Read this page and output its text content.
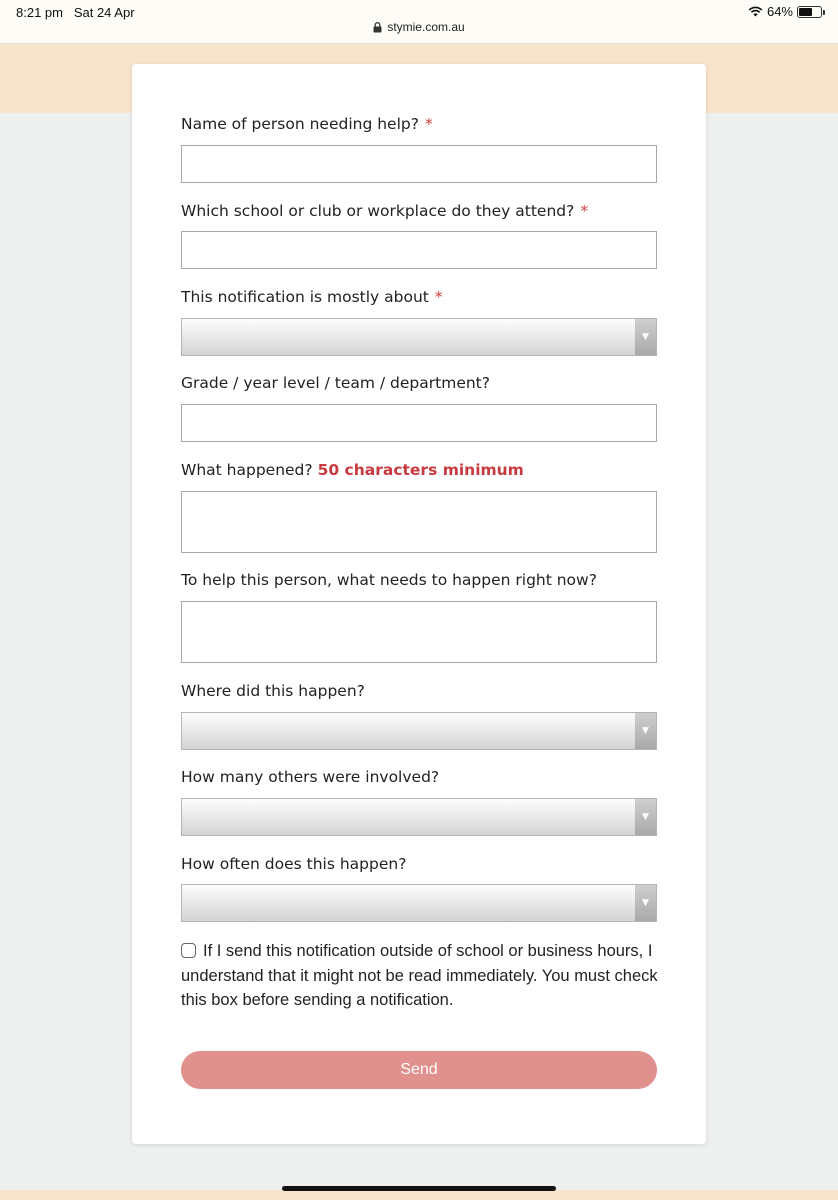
8:21 pm Sat 24 Apr
stymie.com.au
64%
Name of person needing help? *
Which school or club or workplace do they attend? *
This notification is mostly about *
▼
Grade / year level / team / department?
What happened? 50 characters minimum
To help this person, what needs to happen right now?
Where did this happen?
▼
How many others were involved?
▼
How often does this happen?
▼
If I send this notification outside of school or business hours, I understand that it might not be read immediately. You must check this box before sending a notification.
Send
